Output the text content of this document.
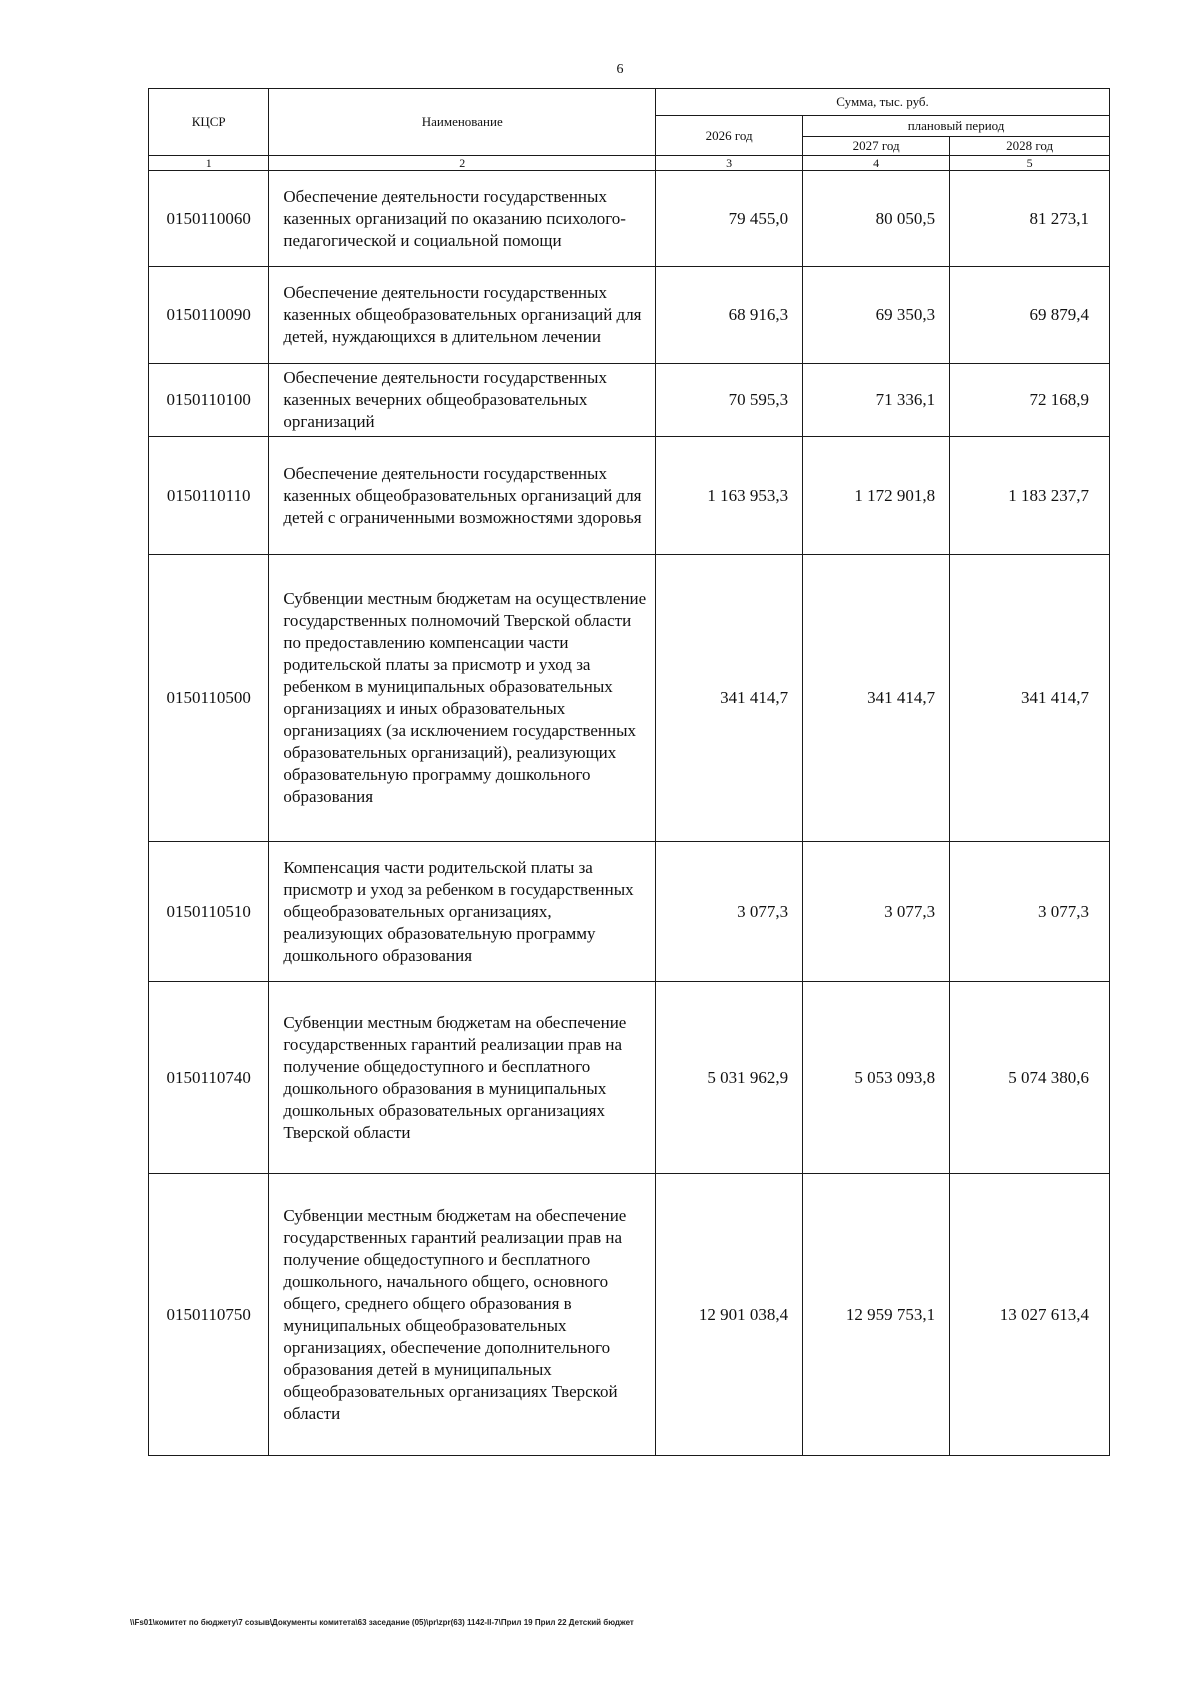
6
КЦСР	Наименование	Сумма, тыс. руб.		
		2026 год	плановый период	
			2027 год	2028 год
1	2	3	4	5
0150110060	Обеспечение деятельности государственных казенных организаций по оказанию психолого-педагогической и социальной помощи	79 455,0	80 050,5	81 273,1
0150110090	Обеспечение деятельности государственных казенных общеобразовательных организаций для детей, нуждающихся в длительном лечении	68 916,3	69 350,3	69 879,4
0150110100	Обеспечение деятельности государственных казенных вечерних общеобразовательных организаций	70 595,3	71 336,1	72 168,9
0150110110	Обеспечение деятельности государственных казенных общеобразовательных организаций для детей с ограниченными возможностями здоровья	1 163 953,3	1 172 901,8	1 183 237,7
0150110500	Субвенции местным бюджетам на осуществление государственных полномочий Тверской области по предоставлению компенсации части родительской платы за присмотр и уход за ребенком в муниципальных образовательных организациях и иных образовательных организациях (за исключением государственных образовательных организаций), реализующих образовательную программу дошкольного образования	341 414,7	341 414,7	341 414,7
0150110510	Компенсация части родительской платы за присмотр и уход за ребенком в государственных общеобразовательных организациях, реализующих образовательную программу дошкольного образования	3 077,3	3 077,3	3 077,3
0150110740	Субвенции местным бюджетам на обеспечение государственных гарантий реализации прав на получение общедоступного и бесплатного дошкольного образования в муниципальных дошкольных образовательных организациях Тверской области	5 031 962,9	5 053 093,8	5 074 380,6
0150110750	Субвенции местным бюджетам на обеспечение государственных гарантий реализации прав на получение общедоступного и бесплатного дошкольного, начального общего, основного общего, среднего общего образования в муниципальных общеобразовательных организациях, обеспечение дополнительного образования детей в муниципальных общеобразовательных организациях Тверской области	12 901 038,4	12 959 753,1	13 027 613,4
\\Fs01\комитет по бюджету\7 созыв\Документы комитета\63 заседание (05)\pr\zpr(63) 1142-II-7\Прил 19 Прил 22 Детский бюджет
